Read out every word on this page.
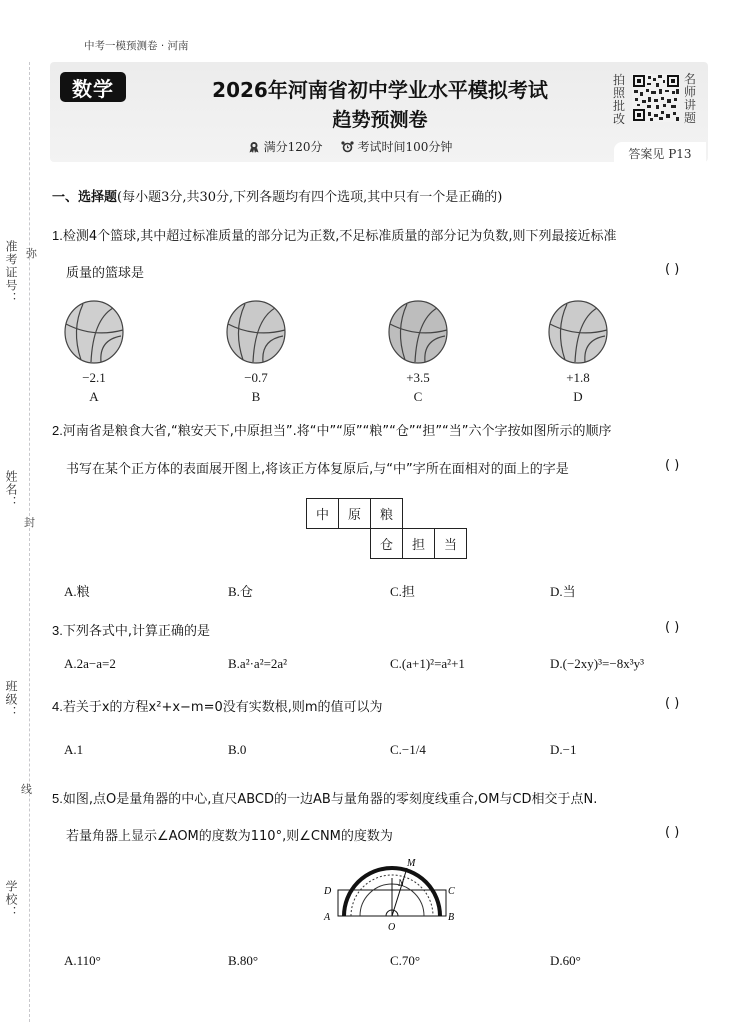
中考一模预测卷 · 河南
准考证号： 弥
姓名：
封
班级：
线
学校：
数学	2026年河南省初中学业水平模拟考试
趋势预测卷
满分120分	考试时间100分钟
拍照批改
名师讲题
答案见 P13
一、选择题(每小题3分,共30分,下列各题均有四个选项,其中只有一个是正确的)
1.检测4个篮球,其中超过标准质量的部分记为正数,不足标准质量的部分记为负数,则下列最接近标准
质量的篮球是	( )
−2.1
A
−0.7
B
+3.5
C
+1.8
D
2.河南省是粮食大省,“粮安天下,中原担当”.将“中”“原”“粮”“仓”“担”“当”六个字按如图所示的顺序
书写在某个正方体的表面展开图上,将该正方体复原后,与“中”字所在面相对的面上的字是	( )
中	原	粮
仓	担	当
A.粮	B.仓	C.担	D.当
3.下列各式中,计算正确的是	( )
A.2a−a=2	B.a²·a²=2a²	C.(a+1)²=a²+1	D.(−2xy)³=−8x³y³
4.若关于x的方程x²+x−m=0没有实数根,则m的值可以为	( )
A.1	B.0	C.−1/4	D.−1
5.如图,点O是量角器的中心,直尺ABCD的一边AB与量角器的零刻度线重合,OM与CD相交于点N.
若量角器上显示∠AOM的度数为110°,则∠CNM的度数为	( )
M
N
D	C
A	B
O
A.110°	B.80°	C.70°	D.60°
